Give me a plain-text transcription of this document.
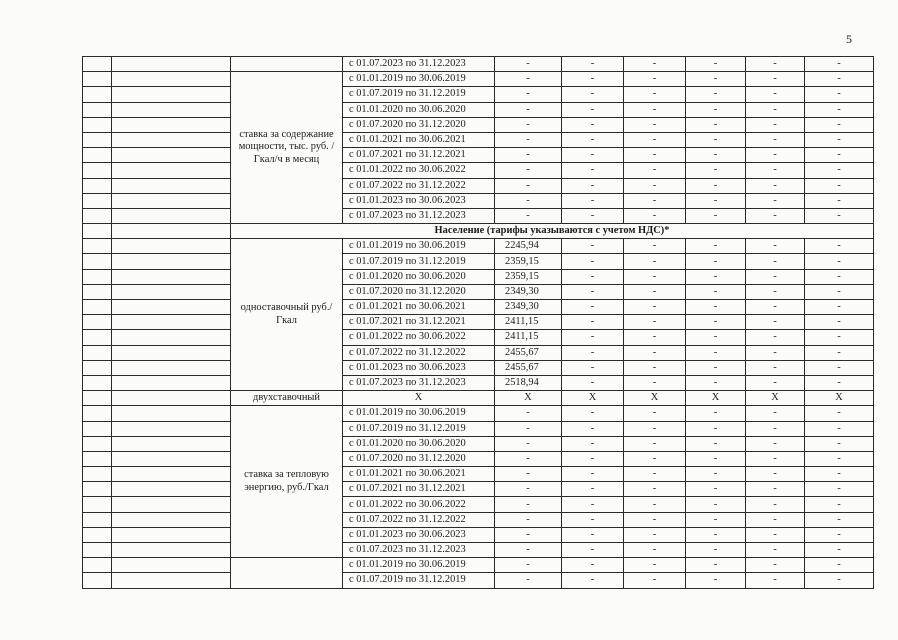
5
			с 01.07.2023 по 31.12.2023	-	-	-	-	-	-
		ставка за содержание мощности, тыс. руб. /Гкал/ч в месяц	с 01.01.2019 по 30.06.2019	-	-	-	-	-	-
			с 01.07.2019 по 31.12.2019	-	-	-	-	-	-
			с 01.01.2020 по 30.06.2020	-	-	-	-	-	-
			с 01.07.2020 по 31.12.2020	-	-	-	-	-	-
			с 01.01.2021 по 30.06.2021	-	-	-	-	-	-
			с 01.07.2021 по 31.12.2021	-	-	-	-	-	-
			с 01.01.2022 по 30.06.2022	-	-	-	-	-	-
			с 01.07.2022 по 31.12.2022	-	-	-	-	-	-
			с 01.01.2023 по 30.06.2023	-	-	-	-	-	-
			с 01.07.2023 по 31.12.2023	-	-	-	-	-	-
		Население (тарифы указываются с учетом НДС)*							
		одноставочный руб./Гкал	с 01.01.2019 по 30.06.2019	2245,94	-	-	-	-	-
			с 01.07.2019 по 31.12.2019	2359,15	-	-	-	-	-
			с 01.01.2020 по 30.06.2020	2359,15	-	-	-	-	-
			с 01.07.2020 по 31.12.2020	2349,30	-	-	-	-	-
			с 01.01.2021 по 30.06.2021	2349,30	-	-	-	-	-
			с 01.07.2021 по 31.12.2021	2411,15	-	-	-	-	-
			с 01.01.2022 по 30.06.2022	2411,15	-	-	-	-	-
			с 01.07.2022 по 31.12.2022	2455,67	-	-	-	-	-
			с 01.01.2023 по 30.06.2023	2455,67	-	-	-	-	-
			с 01.07.2023 по 31.12.2023	2518,94	-	-	-	-	-
		двухставочный	X	X	X	X	X	X	X
		ставка за тепловую энергию, руб./Гкал	с 01.01.2019 по 30.06.2019	-	-	-	-	-	-
			с 01.07.2019 по 31.12.2019	-	-	-	-	-	-
			с 01.01.2020 по 30.06.2020	-	-	-	-	-	-
			с 01.07.2020 по 31.12.2020	-	-	-	-	-	-
			с 01.01.2021 по 30.06.2021	-	-	-	-	-	-
			с 01.07.2021 по 31.12.2021	-	-	-	-	-	-
			с 01.01.2022 по 30.06.2022	-	-	-	-	-	-
			с 01.07.2022 по 31.12.2022	-	-	-	-	-	-
			с 01.01.2023 по 30.06.2023	-	-	-	-	-	-
			с 01.07.2023 по 31.12.2023	-	-	-	-	-	-
			с 01.01.2019 по 30.06.2019	-	-	-	-	-	-
			с 01.07.2019 по 31.12.2019	-	-	-	-	-	-
